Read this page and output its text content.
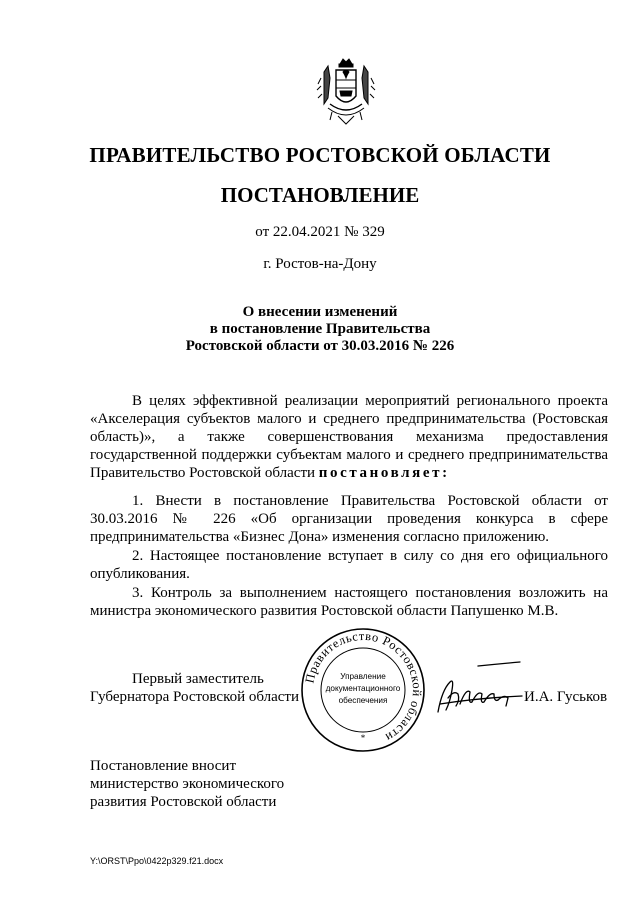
ПРАВИТЕЛЬСТВО РОСТОВСКОЙ ОБЛАСТИ
ПОСТАНОВЛЕНИЕ
от 22.04.2021 № 329
г. Ростов-на-Дону
О внесении изменений
в постановление Правительства
Ростовской области от 30.03.2016 № 226
В целях эффективной реализации мероприятий регионального проекта «Акселерация субъектов малого и среднего предпринимательства (Ростовская область)», а также совершенствования механизма предоставления государственной поддержки субъектам малого и среднего предпринимательства Правительство Ростовской области постановляет:
1. Внести в постановление Правительства Ростовской области от 30.03.2016 № 226 «Об организации проведения конкурса в сфере предпринимательства «Бизнес Дона» изменения согласно приложению.
2. Настоящее постановление вступает в силу со дня его официального опубликования.
3. Контроль за выполнением настоящего постановления возложить на министра экономического развития Ростовской области Папушенко М.В.
Первый заместитель
Губернатора Ростовской области	И.А. Гуськов
Правительство Ростовской области
Управление
документационного
обеспечения
*
Постановление вносит
министерство экономического
развития Ростовской области
Y:\ORST\Ppo\0422p329.f21.docx
